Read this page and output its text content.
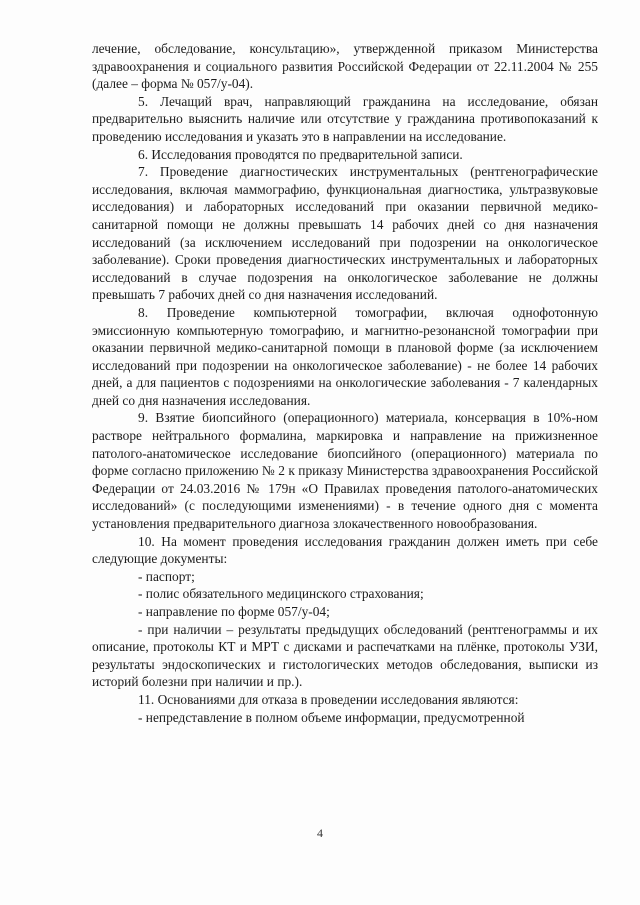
лечение, обследование, консультацию», утвержденной приказом Министерства здравоохранения и социального развития Российской Федерации от 22.11.2004 № 255 (далее – форма № 057/у-04).

5. Лечащий врач, направляющий гражданина на исследование, обязан предварительно выяснить наличие или отсутствие у гражданина противопоказаний к проведению исследования и указать это в направлении на исследование.

6. Исследования проводятся по предварительной записи.

7. Проведение диагностических инструментальных (рентгенографические исследования, включая маммографию, функциональная диагностика, ультразвуковые исследования) и лабораторных исследований при оказании первичной медико-санитарной помощи не должны превышать 14 рабочих дней со дня назначения исследований (за исключением исследований при подозрении на онкологическое заболевание). Сроки проведения диагностических инструментальных и лабораторных исследований в случае подозрения на онкологическое заболевание не должны превышать 7 рабочих дней со дня назначения исследований.

8. Проведение компьютерной томографии, включая однофотонную эмиссионную компьютерную томографию, и магнитно-резонансной томографии при оказании первичной медико-санитарной помощи в плановой форме (за исключением исследований при подозрении на онкологическое заболевание) - не более 14 рабочих дней, а для пациентов с подозрениями на онкологические заболевания - 7 календарных дней со дня назначения исследования.

9. Взятие биопсийного (операционного) материала, консервация в 10%-ном растворе нейтрального формалина, маркировка и направление на прижизненное патолого-анатомическое исследование биопсийного (операционного) материала по форме согласно приложению № 2 к приказу Министерства здравоохранения Российской Федерации от 24.03.2016 № 179н «О Правилах проведения патолого-анатомических исследований» (с последующими изменениями) - в течение одного дня с момента установления предварительного диагноза злокачественного новообразования.

10. На момент проведения исследования гражданин должен иметь при себе следующие документы:

- паспорт;

- полис обязательного медицинского страхования;

- направление по форме 057/у-04;

- при наличии – результаты предыдущих обследований (рентгенограммы и их описание, протоколы КТ и МРТ с дисками и распечатками на плёнке, протоколы УЗИ, результаты эндоскопических и гистологических методов обследования, выписки из историй болезни при наличии и пр.).

11. Основаниями для отказа в проведении исследования являются:

- непредставление в полном объеме информации, предусмотренной

4
